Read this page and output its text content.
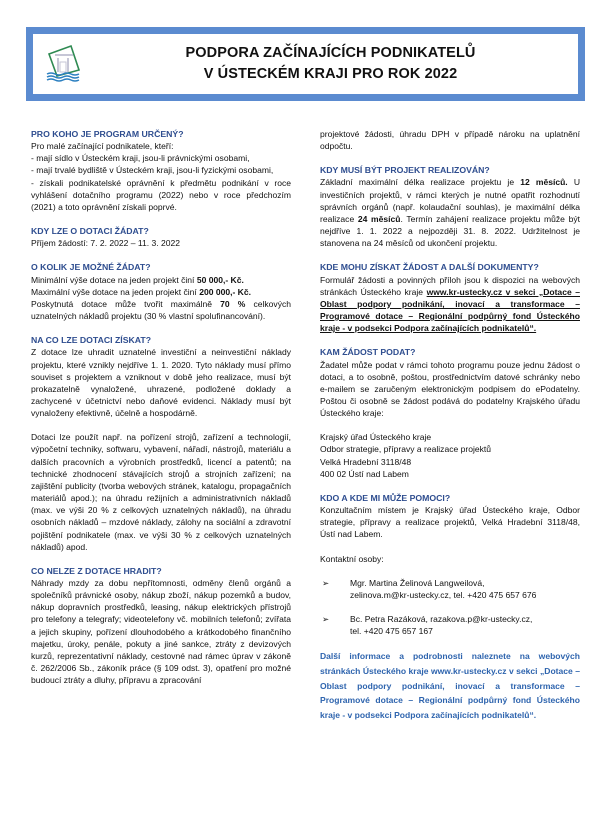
PODPORA ZAČÍNAJÍCÍCH PODNIKATELŮ
V ÚSTECKÉM KRAJI PRO ROK 2022

PRO KOHO JE PROGRAM URČENÝ?

Pro malé začínající podnikatele, kteří:

- mají sídlo v Ústeckém kraji, jsou-li právnickými osobami,

- mají trvalé bydliště v Ústeckém kraji, jsou-li fyzickými osobami,

- získali podnikatelské oprávnění k předmětu podnikání v roce vyhlášení dotačního programu (2022) nebo v roce předchozím (2021) a toto oprávnění získali poprvé.

KDY LZE O DOTACI ŽÁDAT?

Příjem žádostí: 7. 2. 2022 – 11. 3. 2022

O KOLIK JE MOŽNÉ ŽÁDAT?

Minimální výše dotace na jeden projekt činí 50 000,- Kč.

Maximální výše dotace na jeden projekt činí 200 000,- Kč.

Poskytnutá dotace může tvořit maximálně 70 % celkových uznatelných nákladů projektu (30 % vlastní spolufinancování).

NA CO LZE DOTACI ZÍSKAT?

Z dotace lze uhradit uznatelné investiční a neinvestiční náklady projektu, které vznikly nejdříve 1. 1. 2020. Tyto náklady musí přímo souviset s projektem a vzniknout v době jeho realizace, musí být prokazatelně vynaložené, uhrazené, podložené doklady a zachycené v účetnictví nebo daňové evidenci. Náklady musí být vynaloženy efektivně, účelně a hospodárně.

Dotaci lze použít např. na pořízení strojů, zařízení a technologií, výpočetní techniky, softwaru, vybavení, nářadí, nástrojů, materiálu a dalších pracovních a výrobních prostředků, licencí a patentů; na technické zhodnocení stávajících strojů a strojních zařízení; na zajištění publicity (tvorba webových stránek, katalogu, propagačních materiálů apod.); na úhradu režijních a administrativních nákladů (max. ve výši 20 % z celkových uznatelných nákladů), na úhradu osobních nákladů – mzdové náklady, zálohy na sociální a zdravotní pojištění podnikatele (max. ve výši 30 % z celkových uznatelných nákladů) apod.

CO NELZE Z DOTACE HRADIT?

Náhrady mzdy za dobu nepřítomnosti, odměny členů orgánů a společníků právnické osoby, nákup zboží, nákup pozemků a budov, nákup dopravních prostředků, leasing, nákup elektrických přístrojů pro telefony a telegrafy; videotelefony vč. mobilních telefonů; zvířata a jejich skupiny, pořízení dlouhodobého a krátkodobého finančního majetku, úroky, penále, pokuty a jiné sankce, ztráty z devizových kurzů, reprezentativní náklady, cestovné nad rámec úprav v zákoně č. 262/2006 Sb., zákoník práce (§ 109 odst. 3), opatření pro možné budoucí ztráty a dluhy, přípravu a zpracování

projektové žádosti, úhradu DPH v případě nároku na uplatnění odpočtu.

KDY MUSÍ BÝT PROJEKT REALIZOVÁN?

Základní maximální délka realizace projektu je 12 měsíců. U investičních projektů, v rámci kterých je nutné opatřit rozhodnutí správních orgánů (např. kolaudační souhlas), je maximální délka realizace 24 měsíců. Termín zahájení realizace projektu může být nejdříve 1. 1. 2022 a nejpozději 31. 8. 2022. Udržitelnost je stanovena na 24 měsíců od ukončení projektu.

KDE MOHU ZÍSKAT ŽÁDOST A DALŠÍ DOKUMENTY?

Formulář žádosti a povinných příloh jsou k dispozici na webových stránkách Ústeckého kraje www.kr-ustecky.cz v sekci „Dotace – Oblast podpory podnikání, inovací a transformace – Programové dotace – Regionální podpůrný fond Ústeckého kraje - v podsekci Podpora začínajících podnikatelů“.

KAM ŽÁDOST PODAT?

Žadatel může podat v rámci tohoto programu pouze jednu žádost o dotaci, a to osobně, poštou, prostřednictvím datové schránky nebo e-mailem se zaručeným elektronickým podpisem do ePodatelny. Poštou či osobně se žádost podává do podatelny Krajského úřadu Ústeckého kraje:

Krajský úřad Ústeckého kraje

Odbor strategie, přípravy a realizace projektů

Velká Hradební 3118/48

400 02 Ústí nad Labem

KDO A KDE MI MŮŽE POMOCI?

Konzultačním místem je Krajský úřad Ústeckého kraje, Odbor strategie, přípravy a realizace projektů, Velká Hradební 3118/48, Ústí nad Labem.

Kontaktní osoby:

➢	Mgr. Martina Želinová Langweilová,
zelinova.m@kr-ustecky.cz, tel. +420 475 657 676
➢	Bc. Petra Razáková, razakova.p@kr-ustecky.cz,
tel. +420 475 657 167

Další informace a podrobnosti naleznete na webových stránkách Ústeckého kraje www.kr-ustecky.cz v sekci „Dotace – Oblast podpory podnikání, inovací a transformace – Programové dotace – Regionální podpůrný fond Ústeckého kraje - v podsekci Podpora začínajících podnikatelů“.
